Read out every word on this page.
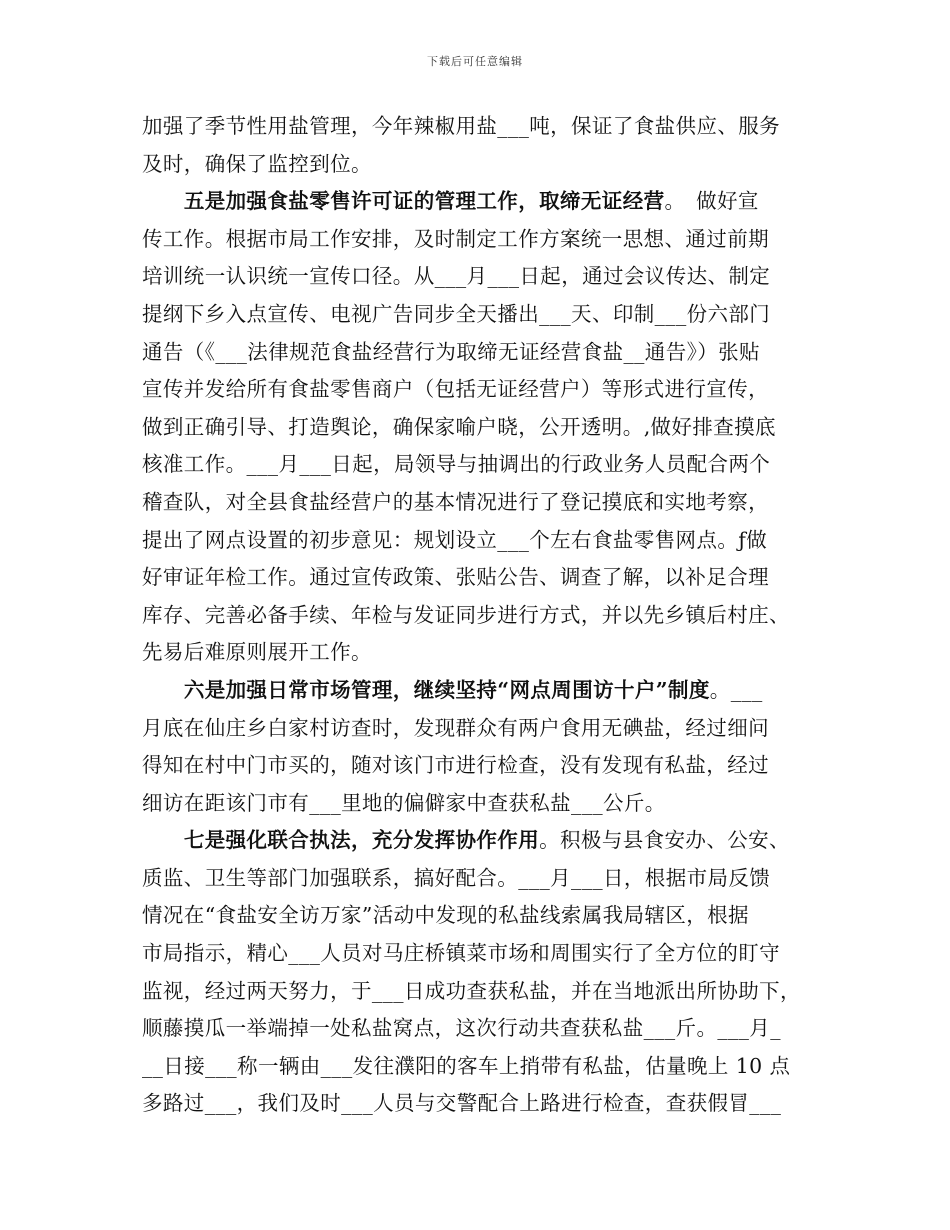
下载后可任意编辑
加强了季节性用盐管理，今年辣椒用盐___吨，保证了食盐供应、服务
及时，确保了监控到位。
　　五是加强食盐零售许可证的管理工作，取缔无证经营。　做好宣
传工作。根据市局工作安排，及时制定工作方案统一思想、通过前期
培训统一认识统一宣传口径。从___月___日起，通过会议传达、制定
提纲下乡入点宣传、电视广告同步全天播出___天、印制___份六部门
通告（《___法律规范食盐经营行为取缔无证经营食盐__通告》）张贴
宣传并发给所有食盐零售商户（包括无证经营户）等形式进行宣传，
做到正确引导、打造舆论，确保家喻户晓，公开透明。‚做好排查摸底
核准工作。___月___日起，局领导与抽调出的行政业务人员配合两个
稽查队，对全县食盐经营户的基本情况进行了登记摸底和实地考察，
提出了网点设置的初步意见：规划设立___个左右食盐零售网点。ƒ做
好审证年检工作。通过宣传政策、张贴公告、调查了解，以补足合理
库存、完善必备手续、年检与发证同步进行方式，并以先乡镇后村庄、
先易后难原则展开工作。
　　六是加强日常市场管理，继续坚持“网点周围访十户”制度。___
月底在仙庄乡白家村访查时，发现群众有两户食用无碘盐，经过细问
得知在村中门市买的，随对该门市进行检查，没有发现有私盐，经过
细访在距该门市有___里地的偏僻家中查获私盐___公斤。
　　七是强化联合执法，充分发挥协作作用。积极与县食安办、公安、
质监、卫生等部门加强联系，搞好配合。___月___日，根据市局反馈
情况在“食盐安全访万家”活动中发现的私盐线索属我局辖区，根据
市局指示，精心___人员对马庄桥镇菜市场和周围实行了全方位的盯守
监视，经过两天努力，于___日成功查获私盐，并在当地派出所协助下，
顺藤摸瓜一举端掉一处私盐窝点，这次行动共查获私盐___斤。___月_
__日接___称一辆由___发往濮阳的客车上捎带有私盐，估量晚上 10 点
多路过___，我们及时___人员与交警配合上路进行检查，查获假冒___
